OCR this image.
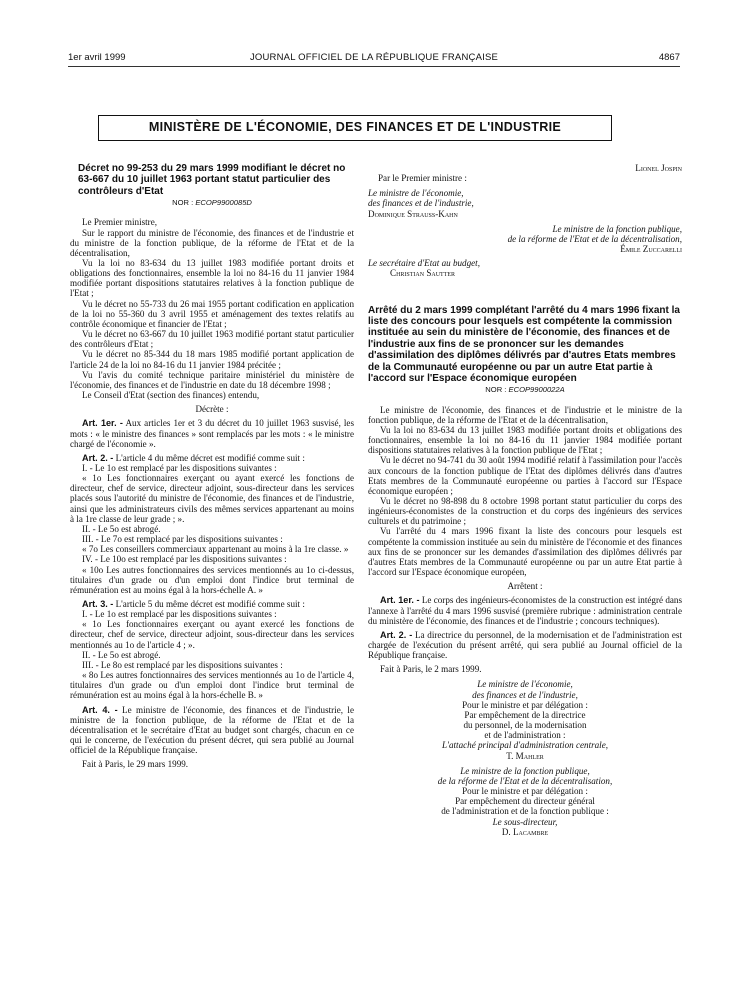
1er avril 1999	JOURNAL OFFICIEL DE LA RÉPUBLIQUE FRANÇAISE	4867
MINISTÈRE DE L'ÉCONOMIE, DES FINANCES ET DE L'INDUSTRIE
Décret no 99-253 du 29 mars 1999 modifiant le décret no 63-667 du 10 juillet 1963 portant statut particulier des contrôleurs d'Etat
NOR : ECOP9900085D

Le Premier ministre,

Sur le rapport du ministre de l'économie, des finances et de l'industrie et du ministre de la fonction publique, de la réforme de l'Etat et de la décentralisation,

Vu la loi no 83-634 du 13 juillet 1983 modifiée portant droits et obligations des fonctionnaires, ensemble la loi no 84-16 du 11 janvier 1984 modifiée portant dispositions statutaires relatives à la fonction publique de l'Etat ;

Vu le décret no 55-733 du 26 mai 1955 portant codification en application de la loi no 55-360 du 3 avril 1955 et aménagement des textes relatifs au contrôle économique et financier de l'Etat ;

Vu le décret no 63-667 du 10 juillet 1963 modifié portant statut particulier des contrôleurs d'Etat ;

Vu le décret no 85-344 du 18 mars 1985 modifié portant application de l'article 24 de la loi no 84-16 du 11 janvier 1984 précitée ;

Vu l'avis du comité technique paritaire ministériel du ministère de l'économie, des finances et de l'industrie en date du 18 décembre 1998 ;

Le Conseil d'Etat (section des finances) entendu,

Décrète :

Art. 1er. - Aux articles 1er et 3 du décret du 10 juillet 1963 susvisé, les mots : « le ministre des finances » sont remplacés par les mots : « le ministre chargé de l'économie ».

Art. 2. - L'article 4 du même décret est modifié comme suit :

I. - Le 1o est remplacé par les dispositions suivantes :

« 1o Les fonctionnaires exerçant ou ayant exercé les fonctions de directeur, chef de service, directeur adjoint, sous-directeur dans les services placés sous l'autorité du ministre de l'économie, des finances et de l'industrie, ainsi que les administrateurs civils des mêmes services appartenant au moins à la 1re classe de leur grade ; ».

II. - Le 5o est abrogé.

III. - Le 7o est remplacé par les dispositions suivantes :

« 7o Les conseillers commerciaux appartenant au moins à la 1re classe. »

IV. - Le 10o est remplacé par les dispositions suivantes :

« 10o Les autres fonctionnaires des services mentionnés au 1o ci-dessus, titulaires d'un grade ou d'un emploi dont l'indice brut terminal de rémunération est au moins égal à la hors-échelle A. »

Art. 3. - L'article 5 du même décret est modifié comme suit :

I. - Le 1o est remplacé par les dispositions suivantes :

« 1o Les fonctionnaires exerçant ou ayant exercé les fonctions de directeur, chef de service, directeur adjoint, sous-directeur dans les services mentionnés au 1o de l'article 4 ; ».

II. - Le 5o est abrogé.

III. - Le 8o est remplacé par les dispositions suivantes :

« 8o Les autres fonctionnaires des services mentionnés au 1o de l'article 4, titulaires d'un grade ou d'un emploi dont l'indice brut terminal de rémunération est au moins égal à la hors-échelle B. »

Art. 4. - Le ministre de l'économie, des finances et de l'industrie, le ministre de la fonction publique, de la réforme de l'Etat et de la décentralisation et le secrétaire d'Etat au budget sont chargés, chacun en ce qui le concerne, de l'exécution du présent décret, qui sera publié au Journal officiel de la République française.

Fait à Paris, le 29 mars 1999.

Lionel Jospin
Par le Premier ministre :
Le ministre de l'économie,
des finances et de l'industrie,
Dominique Strauss-Kahn
Le ministre de la fonction publique,
de la réforme de l'Etat et de la décentralisation,
Émile Zuccarelli
Le secrétaire d'Etat au budget,
Christian Sautter
Arrêté du 2 mars 1999 complétant l'arrêté du 4 mars 1996 fixant la liste des concours pour lesquels est compétente la commission instituée au sein du ministère de l'économie, des finances et de l'industrie aux fins de se prononcer sur les demandes d'assimilation des diplômes délivrés par d'autres Etats membres de la Communauté européenne ou par un autre Etat partie à l'accord sur l'Espace économique européen
NOR : ECOP9900022A

Le ministre de l'économie, des finances et de l'industrie et le ministre de la fonction publique, de la réforme de l'Etat et de la décentralisation,

Vu la loi no 83-634 du 13 juillet 1983 modifiée portant droits et obligations des fonctionnaires, ensemble la loi no 84-16 du 11 janvier 1984 modifiée portant dispositions statutaires relatives à la fonction publique de l'Etat ;

Vu le décret no 94-741 du 30 août 1994 modifié relatif à l'assimilation pour l'accès aux concours de la fonction publique de l'Etat des diplômes délivrés dans d'autres Etats membres de la Communauté européenne ou parties à l'accord sur l'Espace économique européen ;

Vu le décret no 98-898 du 8 octobre 1998 portant statut particulier du corps des ingénieurs-économistes de la construction et du corps des ingénieurs des services culturels et du patrimoine ;

Vu l'arrêté du 4 mars 1996 fixant la liste des concours pour lesquels est compétente la commission instituée au sein du ministère de l'économie et des finances aux fins de se prononcer sur les demandes d'assimilation des diplômes délivrés par d'autres Etats membres de la Communauté européenne ou par un autre Etat partie à l'accord sur l'Espace économique européen,

Arrêtent :

Art. 1er. - Le corps des ingénieurs-économistes de la construction est intégré dans l'annexe à l'arrêté du 4 mars 1996 susvisé (première rubrique : administration centrale du ministère de l'économie, des finances et de l'industrie ; concours techniques).

Art. 2. - La directrice du personnel, de la modernisation et de l'administration est chargée de l'exécution du présent arrêté, qui sera publié au Journal officiel de la République française.

Fait à Paris, le 2 mars 1999.

Le ministre de l'économie,
des finances et de l'industrie,
Pour le ministre et par délégation :
Par empêchement de la directrice
du personnel, de la modernisation
et de l'administration :
L'attaché principal d'administration centrale,
T. Mahler
Le ministre de la fonction publique,
de la réforme de l'Etat et de la décentralisation,
Pour le ministre et par délégation :
Par empêchement du directeur général
de l'administration et de la fonction publique :
Le sous-directeur,
D. Lacambre
